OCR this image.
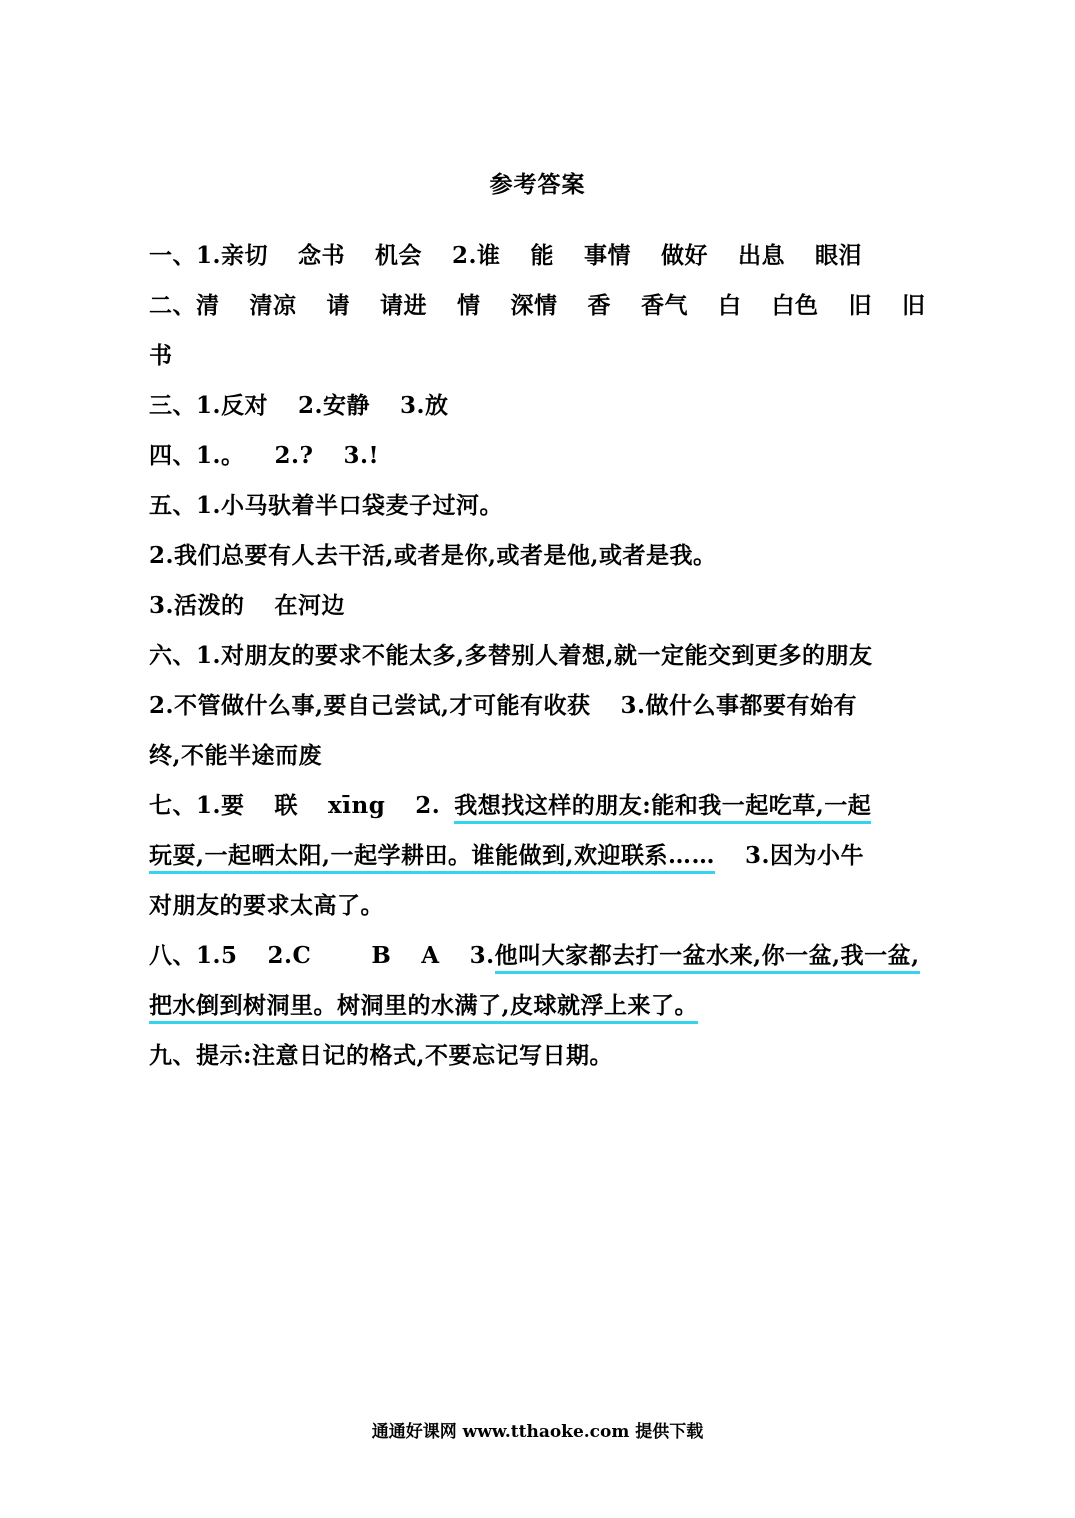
参考答案
一、1.亲切 念书 机会 2.谁 能 事情 做好 出息 眼泪
二、清 清凉 请 请进 情 深情 香 香气 白 白色 旧 旧
书
三、1.反对 2.安静 3.放
四、1.。 2.? 3.!
五、1.小马驮着半口袋麦子过河。
2.我们总要有人去干活,或者是你,或者是他,或者是我。
3.活泼的 在河边
六、1.对朋友的要求不能太多,多替别人着想,就一定能交到更多的朋友
2.不管做什么事,要自己尝试,才可能有收获 3.做什么事都要有始有
终,不能半途而废
七、1.要 联 xīng 2. 我想找这样的朋友:能和我一起吃草,一起
玩耍,一起晒太阳,一起学耕田。谁能做到,欢迎联系…… 3.因为小牛
对朋友的要求太高了。
八、1.5 2.C	B A 3.他叫大家都去打一盆水来,你一盆,我一盆,
把水倒到树洞里。树洞里的水满了,皮球就浮上来了。
九、提示:注意日记的格式,不要忘记写日期。
通通好课网 www.tthaoke.com 提供下载
